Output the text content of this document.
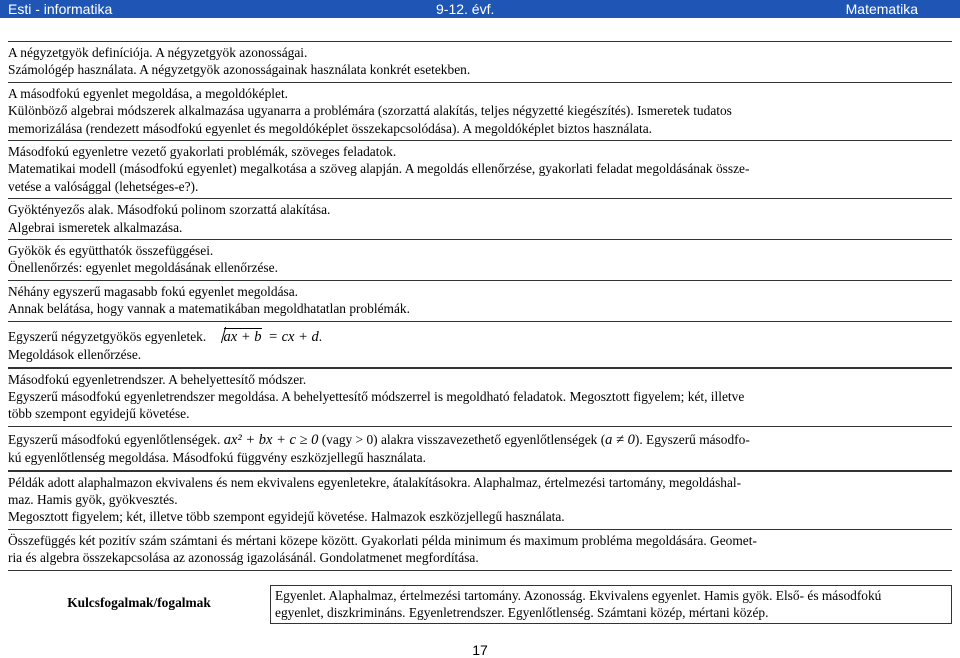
Esti - informatika	9-12. évf.	Matematika
A négyzetgyök definíciója. A négyzetgyök azonosságai.
Számológép használata. A négyzetgyök azonosságainak használata konkrét esetekben.
A másodfokú egyenlet megoldása, a megoldóképlet.
Különböző algebrai módszerek alkalmazása ugyanarra a problémára (szorzattá alakítás, teljes négyzetté kiegészítés). Ismeretek tudatos
memorizálása (rendezett másodfokú egyenlet és megoldóképlet összekapcsolódása). A megoldóképlet biztos használata.
Másodfokú egyenletre vezető gyakorlati problémák, szöveges feladatok.
Matematikai modell (másodfokú egyenlet) megalkotása a szöveg alapján. A megoldás ellenőrzése, gyakorlati feladat megoldásának össze-
vetése a valósággal (lehetséges-e?).
Gyöktényezős alak. Másodfokú polinom szorzattá alakítása.
Algebrai ismeretek alkalmazása.
Gyökök és együtthatók összefüggései.
Önellenőrzés: egyenlet megoldásának ellenőrzése.
Néhány egyszerű magasabb fokú egyenlet megoldása.
Annak belátása, hogy vannak a matematikában megoldhatatlan problémák.
Egyszerű négyzetgyökös egyenletek. ax + b = cx + d.
Megoldások ellenőrzése.
Másodfokú egyenletrendszer. A behelyettesítő módszer.
Egyszerű másodfokú egyenletrendszer megoldása. A behelyettesítő módszerrel is megoldható feladatok. Megosztott figyelem; két, illetve
több szempont egyidejű követése.
Egyszerű másodfokú egyenlőtlenségek. ax² + bx + c ≥ 0 (vagy > 0) alakra visszavezethető egyenlőtlenségek (a ≠ 0). Egyszerű másodfo-
kú egyenlőtlenség megoldása. Másodfokú függvény eszközjellegű használata.
Példák adott alaphalmazon ekvivalens és nem ekvivalens egyenletekre, átalakításokra. Alaphalmaz, értelmezési tartomány, megoldáshal-
maz. Hamis gyök, gyökvesztés.
Megosztott figyelem; két, illetve több szempont egyidejű követése. Halmazok eszközjellegű használata.
Összefüggés két pozitív szám számtani és mértani közepe között. Gyakorlati példa minimum és maximum probléma megoldására. Geomet-
ria és algebra összekapcsolása az azonosság igazolásánál. Gondolatmenet megfordítása.
Kulcsfogalmak/fogalmak	Egyenlet. Alaphalmaz, értelmezési tartomány. Azonosság. Ekvivalens egyenlet. Hamis gyök. Első- és másodfokú
egyenlet, diszkrimináns. Egyenletrendszer. Egyenlőtlenség. Számtani közép, mértani közép.
17
